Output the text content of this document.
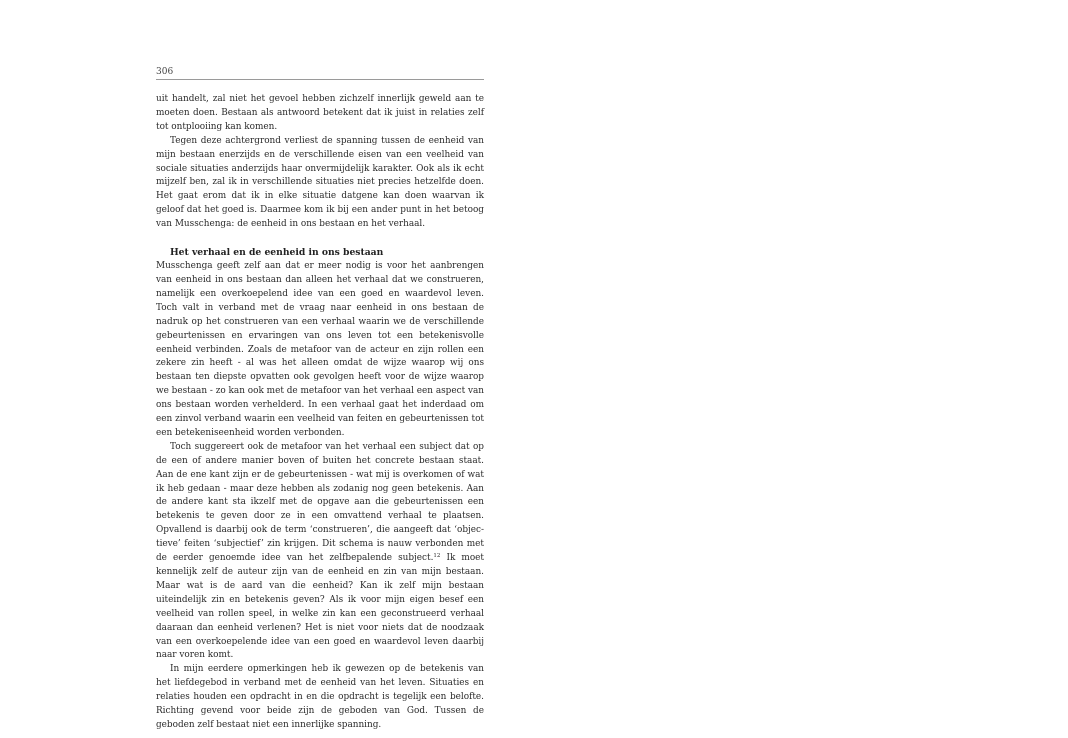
306

uit handelt, zal niet het gevoel hebben zichzelf innerlijk geweld aan te moeten doen. Bestaan als antwoord betekent dat ik juist in relaties zelf tot ontplooiing kan komen.

Tegen deze achtergrond verliest de spanning tussen de eenheid van mijn bestaan enerzijds en de verschillende eisen van een veelheid van sociale situaties anderzijds haar onvermijdelijk karakter. Ook als ik echt mijzelf ben, zal ik in verschillende situaties niet precies hetzelfde doen. Het gaat erom dat ik in elke situatie datgene kan doen waarvan ik geloof dat het goed is. Daarmee kom ik bij een ander punt in het betoog van Musschenga: de eenheid in ons bestaan en het verhaal.

Het verhaal en de eenheid in ons bestaan

Musschenga geeft zelf aan dat er meer nodig is voor het aanbrengen van eenheid in ons bestaan dan alleen het verhaal dat we construeren, namelijk een overkoepelend idee van een goed en waardevol leven. Toch valt in verband met de vraag naar eenheid in ons bestaan de nadruk op het construeren van een verhaal waarin we de verschillende gebeurtenissen en ervaringen van ons leven tot een betekenisvolle eenheid verbinden. Zoals de metafoor van de acteur en zijn rollen een zekere zin heeft - al was het alleen omdat de wijze waarop wij ons bestaan ten diepste opvatten ook gevolgen heeft voor de wijze waarop we bestaan - zo kan ook met de metafoor van het verhaal een aspect van ons bestaan worden verhelderd. In een verhaal gaat het inderdaad om een zinvol verband waarin een veelheid van feiten en gebeurtenissen tot een betekeniseenheid worden verbonden.

Toch suggereert ook de metafoor van het verhaal een subject dat op de een of andere manier boven of buiten het concrete bestaan staat. Aan de ene kant zijn er de gebeurtenissen - wat mij is overkomen of wat ik heb gedaan - maar deze hebben als zodanig nog geen betekenis. Aan de andere kant sta ikzelf met de opgave aan die gebeurtenissen een betekenis te geven door ze in een omvattend verhaal te plaatsen. Opvallend is daarbij ook de term ‘construeren’, die aangeeft dat ‘objectieve’ feiten ‘subjectief’ zin krijgen. Dit schema is nauw verbonden met de eerder genoemde idee van het zelfbepalende subject.$^{12}$ Ik moet kennelijk zelf de auteur zijn van de eenheid en zin van mijn bestaan. Maar wat is de aard van die eenheid? Kan ik zelf mijn bestaan uiteindelijk zin en betekenis geven? Als ik voor mijn eigen besef een veelheid van rollen speel, in welke zin kan een geconstrueerd verhaal daaraan dan eenheid verlenen? Het is niet voor niets dat de noodzaak van een overkoepelende idee van een goed en waardevol leven daarbij naar voren komt.

In mijn eerdere opmerkingen heb ik gewezen op de betekenis van het liefdegebod in verband met de eenheid van het leven. Situaties en relaties houden een opdracht in en die opdracht is tegelijk een belofte. Richting gevend voor beide zijn de geboden van God. Tussen de geboden zelf bestaat niet een innerlijke spanning.
